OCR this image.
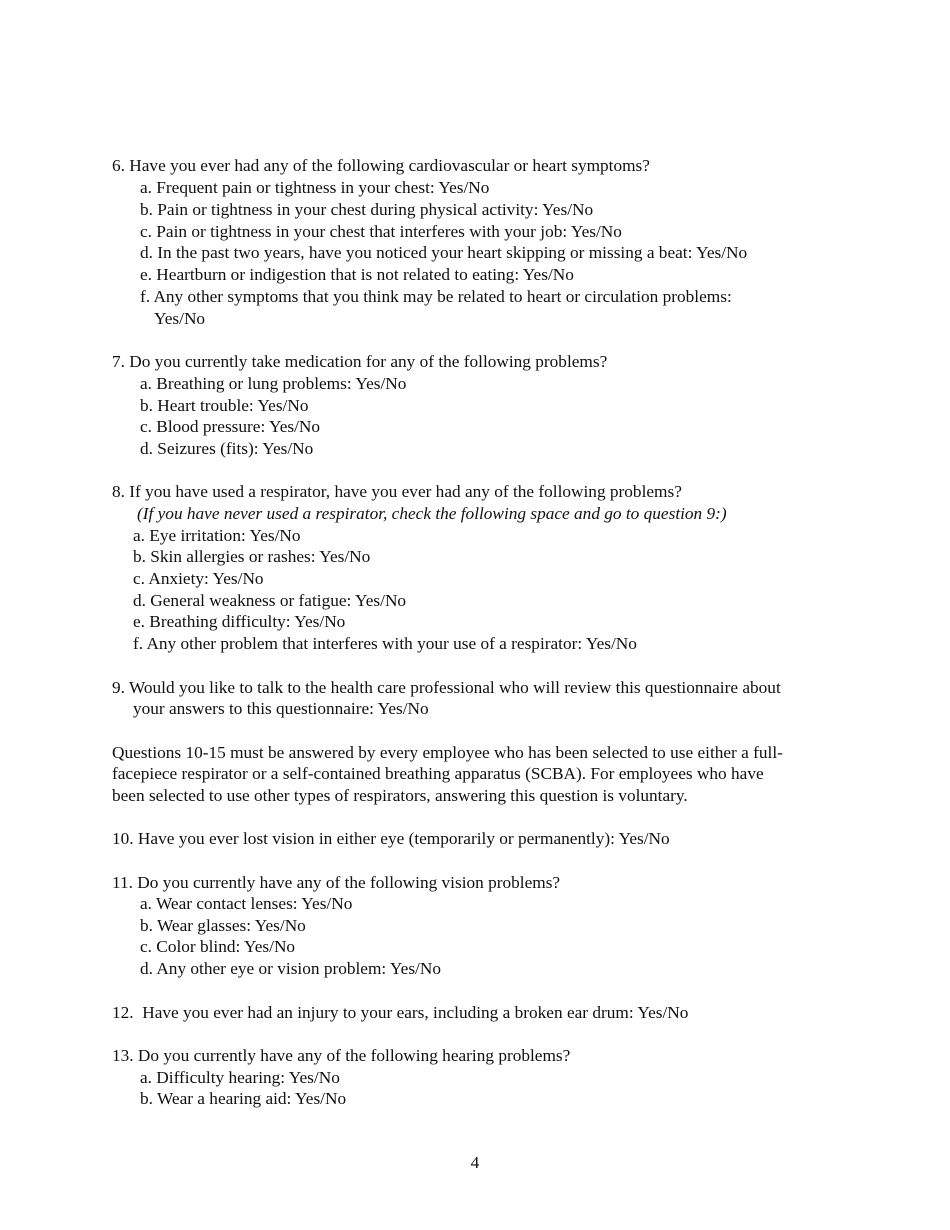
6. Have you ever had any of the following cardiovascular or heart symptoms?
a. Frequent pain or tightness in your chest: Yes/No
b. Pain or tightness in your chest during physical activity: Yes/No
c. Pain or tightness in your chest that interferes with your job: Yes/No
d. In the past two years, have you noticed your heart skipping or missing a beat: Yes/No
e. Heartburn or indigestion that is not related to eating: Yes/No
f. Any other symptoms that you think may be related to heart or circulation problems:
Yes/No
7. Do you currently take medication for any of the following problems?
a. Breathing or lung problems: Yes/No
b. Heart trouble: Yes/No
c. Blood pressure: Yes/No
d. Seizures (fits): Yes/No
8. If you have used a respirator, have you ever had any of the following problems?
(If you have never used a respirator, check the following space and go to question 9:)
a. Eye irritation: Yes/No
b. Skin allergies or rashes: Yes/No
c. Anxiety: Yes/No
d. General weakness or fatigue: Yes/No
e. Breathing difficulty: Yes/No
f. Any other problem that interferes with your use of a respirator: Yes/No
9. Would you like to talk to the health care professional who will review this questionnaire about
your answers to this questionnaire: Yes/No
Questions 10-15 must be answered by every employee who has been selected to use either a full-
facepiece respirator or a self-contained breathing apparatus (SCBA). For employees who have
been selected to use other types of respirators, answering this question is voluntary.
10. Have you ever lost vision in either eye (temporarily or permanently): Yes/No
11. Do you currently have any of the following vision problems?
a. Wear contact lenses: Yes/No
b. Wear glasses: Yes/No
c. Color blind: Yes/No
d. Any other eye or vision problem: Yes/No
12.  Have you ever had an injury to your ears, including a broken ear drum: Yes/No
13. Do you currently have any of the following hearing problems?
a. Difficulty hearing: Yes/No
b. Wear a hearing aid: Yes/No
4
